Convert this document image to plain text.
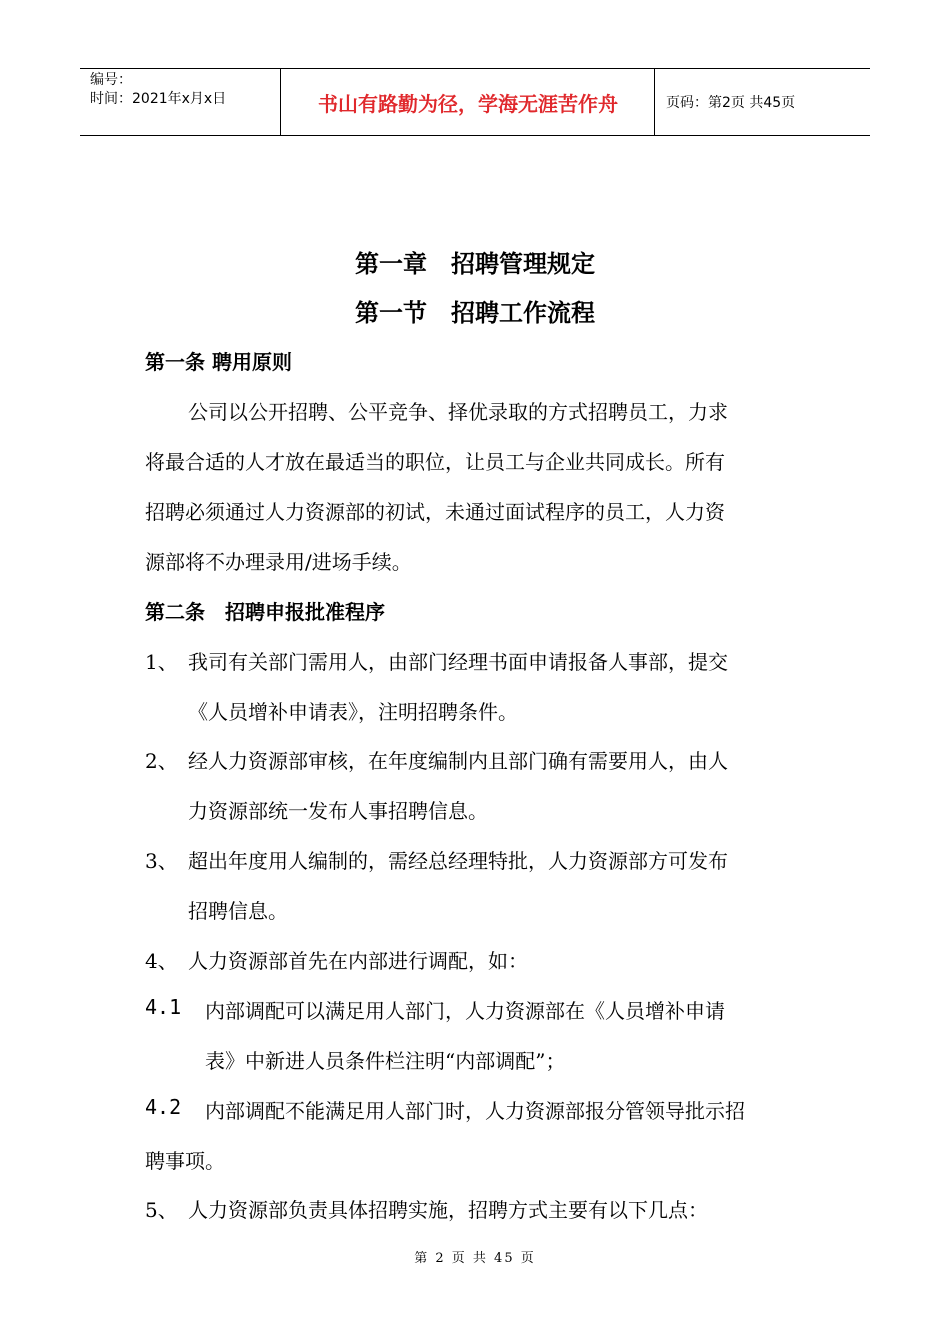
编号：
时间：2021年x月x日	书山有路勤为径，学海无涯苦作舟	页码：第2页 共45页
第一章　招聘管理规定
第一节　招聘工作流程
第一条 聘用原则
公司以公开招聘、公平竞争、择优录取的方式招聘员工，力求
将最合适的人才放在最适当的职位，让员工与企业共同成长。所有
招聘必须通过人力资源部的初试，未通过面试程序的员工，人力资
源部将不办理录用/进场手续。
第二条　招聘申报批准程序
1、 我司有关部门需用人，由部门经理书面申请报备人事部，提交
《人员增补申请表》，注明招聘条件。
2、 经人力资源部审核，在年度编制内且部门确有需要用人，由人
力资源部统一发布人事招聘信息。
3、 超出年度用人编制的，需经总经理特批，人力资源部方可发布
招聘信息。
4、 人力资源部首先在内部进行调配，如：
4.1 内部调配可以满足用人部门，人力资源部在《人员增补申请
表》中新进人员条件栏注明“内部调配”；
4.2 内部调配不能满足用人部门时，人力资源部报分管领导批示招
聘事项。
5、 人力资源部负责具体招聘实施，招聘方式主要有以下几点：
第 2 页 共 45 页
